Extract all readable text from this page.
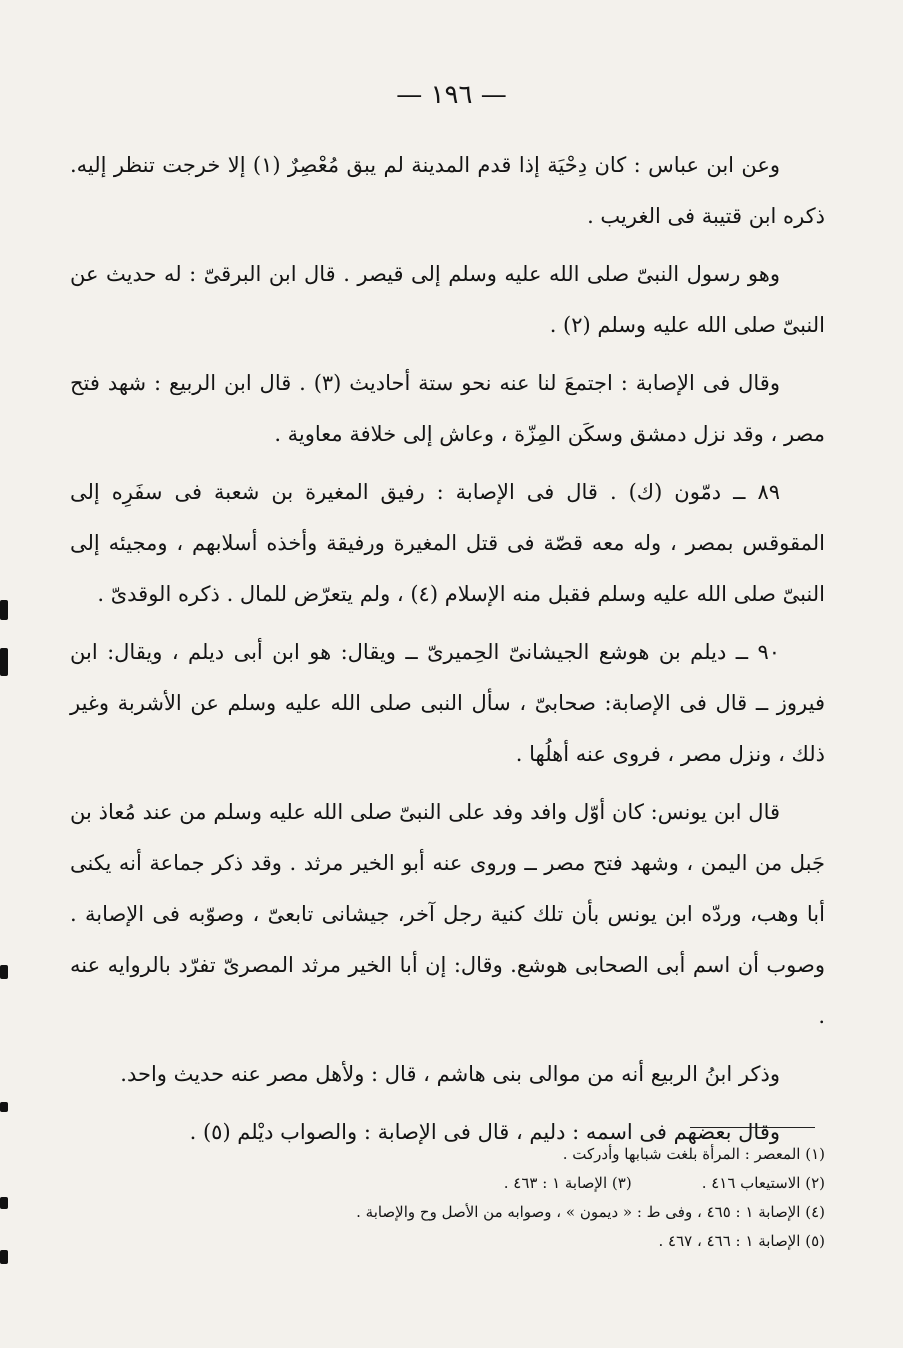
— ١٩٦ —

وعن ابن عباس : كان دِحْيَة إذا قدم المدينة لم يبق مُعْصِرٌ (١) إلا خرجت تنظر إليه. ذكره ابن قتيبة فى الغريب .

وهو رسول النبىّ صلى الله عليه وسلم إلى قيصر . قال ابن البرقىّ : له حديث عن النبىّ صلى الله عليه وسلم (٢) .

وقال فى الإصابة : اجتمعَ لنا عنه نحو ستة أحاديث (٣) . قال ابن الربيع : شهد فتح مصر ، وقد نزل دمشق وسكَن المِزّة ، وعاش إلى خلافة معاوية .

٨٩ ــ دمّون (ك) . قال فى الإصابة : رفيق المغيرة بن شعبة فى سفَرِه إلى المقوقس بمصر ، وله معه قصّة فى قتل المغيرة ورفيقة وأخذه أسلابهم ، ومجيئه إلى النبىّ صلى الله عليه وسلم فقبل منه الإسلام (٤) ، ولم يتعرّض للمال . ذكره الوقدىّ .

٩٠ ــ ديلم بن هوشع الجيشانىّ الحِميرىّ ــ ويقال: هو ابن أبى ديلم ، ويقال: ابن فيروز ــ قال فى الإصابة: صحابىّ ، سأل النبى صلى الله عليه وسلم عن الأشربة وغير ذلك ، ونزل مصر ، فروى عنه أهلُها .

قال ابن يونس: كان أوّل وافد وفد على النبىّ صلى الله عليه وسلم من عند مُعاذ بن جَبل من اليمن ، وشهد فتح مصر ــ وروى عنه أبو الخير مرثد . وقد ذكر جماعة أنه يكنى أبا وهب، وردّه ابن يونس بأن تلك كنية رجل آخر، جيشانى تابعىّ ، وصوّبه فى الإصابة . وصوب أن اسم أبى الصحابى هوشع. وقال: إن أبا الخير مرثد المصرىّ تفرّد بالروايه عنه .

وذكر ابنُ الربيع أنه من موالى بنى هاشم ، قال : ولأهل مصر عنه حديث واحد.

وقال بعضهم فى اسمه : دليم ، قال فى الإصابة : والصواب ديْلم (٥) .

(١) المعصر : المرأة بلغت شبابها وأدركت .
(٢) الاستيعاب ٤١٦ .
(٣) الإصابة ١ : ٤٦٣ .
(٤) الإصابة ١ : ٤٦٥ ، وفى ط : « ديمون » ، وصوابه من الأصل وح والإصابة .
(٥) الإصابة ١ : ٤٦٦ ، ٤٦٧ .
